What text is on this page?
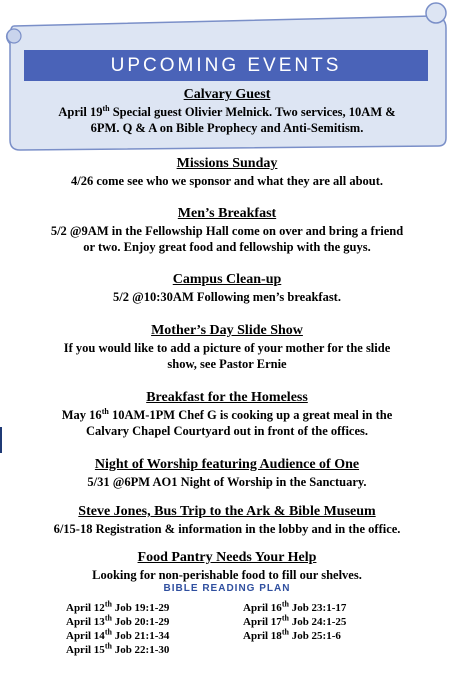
UPCOMING EVENTS
Calvary Guest
April 19th Special guest Olivier Melnick. Two services, 10AM &
6PM. Q & A on Bible Prophecy and Anti-Semitism.
Missions Sunday
4/26 come see who we sponsor and what they are all about.
Men’s Breakfast
5/2 @9AM in the Fellowship Hall come on over and bring a friend
or two. Enjoy great food and fellowship with the guys.
Campus Clean-up
5/2 @10:30AM Following men’s breakfast.
Mother’s Day Slide Show
If you would like to add a picture of your mother for the slide
show, see Pastor Ernie
Breakfast for the Homeless
May 16th 10AM-1PM Chef G is cooking up a great meal in the
Calvary Chapel Courtyard out in front of the offices.
Night of Worship featuring Audience of One
5/31 @6PM AO1 Night of Worship in the Sanctuary.
Steve Jones, Bus Trip to the Ark & Bible Museum
6/15-18 Registration & information in the lobby and in the office.
Food Pantry Needs Your Help
Looking for non-perishable food to fill our shelves.
BIBLE READING PLAN
April 12th Job 19:1-29
April 13th Job 20:1-29
April 14th Job 21:1-34
April 15th Job 22:1-30
April 16th Job 23:1-17
April 17th Job 24:1-25
April 18th Job 25:1-6
